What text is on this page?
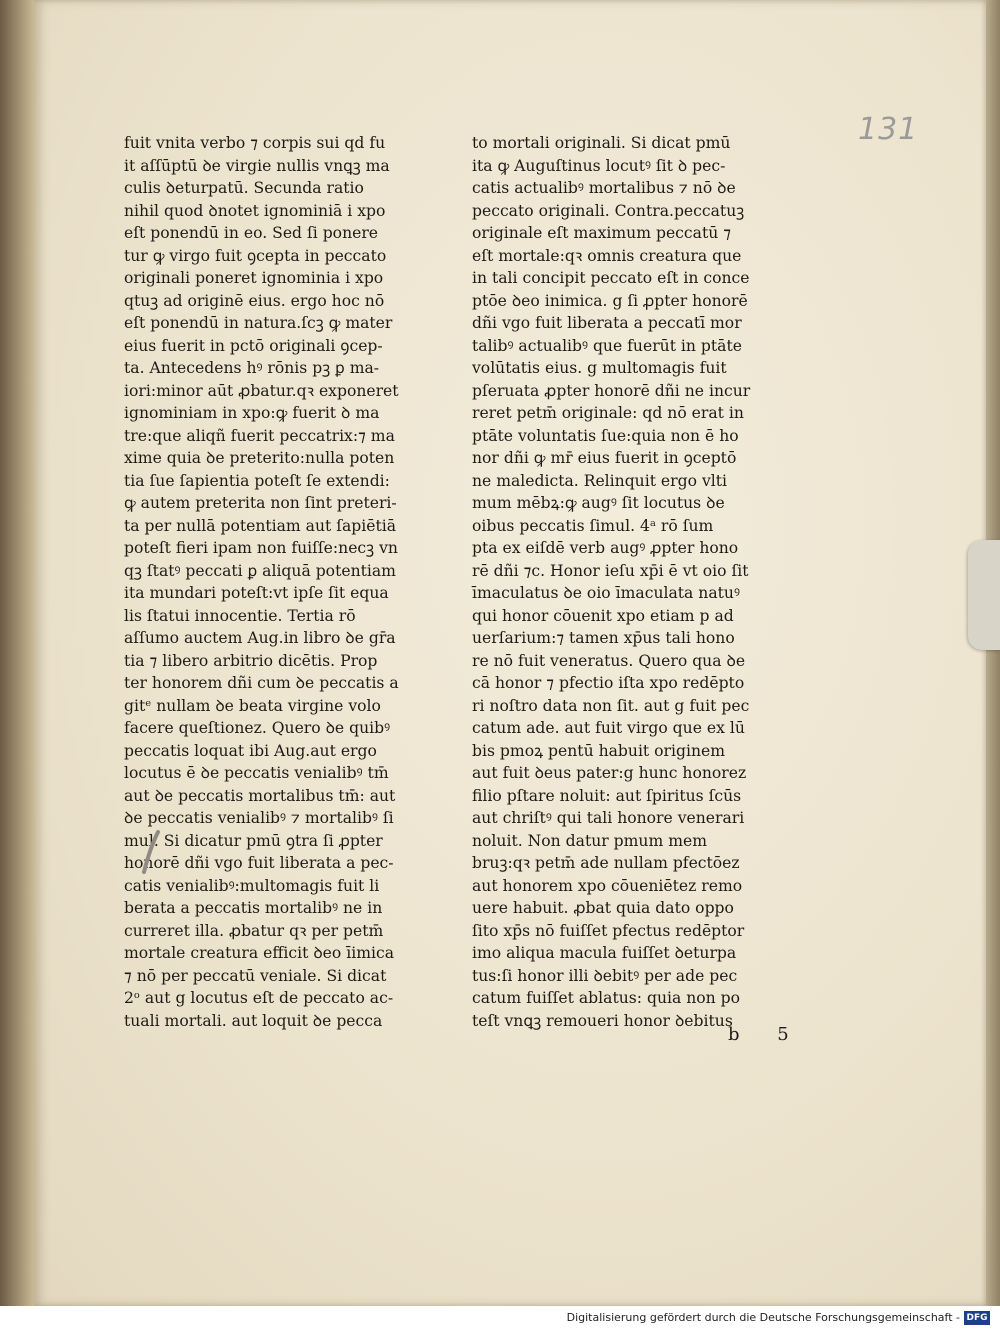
131
fuit vnita verbo ⁊ corpis sui qd fu
it aſſūptū ꝺe virgie nullis vnꝗꝫ ma
culis ꝺeturpatū. Secunda ratio
nihil quod ꝺnotet ignominiā i xpo
eſt ponendū in eo. Sed ſi ponere
tur ꝙ virgo fuit ꝯcepta in peccato
originali poneret ignominia i xpo
qtuꝫ ad originē eius. ergo hoc nō
eſt ponendū in natura.ſcꝫ ꝙ mater
eius fuerit in pctō originali ꝯcep-
ta. Antecedens hꝰ rōnis pꝫ ꝑ ma-
iori:minor aūt ꝓbatur.qꝛ exponeret
ignominiam in xpo:ꝙ fuerit ꝺ ma
tre:que aliqñ fuerit peccatrix:⁊ ma
xime quia ꝺe preterito:nulla poten
tia ſue ſapientia poteſt ſe extendi:
ꝙ autem preterita non ſint preteri-
ta per nullā potentiam aut ſapiētiā
poteſt fieri ipam non fuiſſe:necꝫ vn
qꝫ ſtatꝰ peccati ꝑ aliquā potentiam
ita mundari poteſt:vt ipſe ſit equa
lis ſtatui innocentie. Tertia rō
aſſumo auctem Aug.in libro ꝺe gr̄a
tia ⁊ libero arbitrio dicētis. Prop
ter honorem dñi cum ꝺe peccatis a
gitᵉ nullam ꝺe beata virgine volo
facere queſtionez. Quero ꝺe quibꝰ
peccatis loquat ibi Aug.aut ergo
locutus ē ꝺe peccatis venialibꝰ tm̄
aut ꝺe peccatis mortalibus tm̄: aut
ꝺe peccatis venialibꝰ ⁊ mortalibꝰ ſi
mul. Si dicatur pmū ꝯtra ſi ꝓpter
honorē dñi vgo fuit liberata a pec-
catis venialibꝰ:multomagis fuit li
berata a peccatis mortalibꝰ ne in
curreret illa. ꝓbatur qꝛ per petm̄
mortale creatura efficit ꝺeo īimica
⁊ nō per peccatū veniale. Si dicat
2ᵒ aut g locutus eſt de peccato ac-
tuali mortali. aut loquit ꝺe pecca
to mortali originali. Si dicat pmū
ita ꝙ Auguſtinus locutꝰ ſit ꝺ pec-
catis actualibꝰ mortalibus ⁊ nō ꝺe
peccato originali. Contra.peccatuꝫ
originale eſt maximum peccatū ⁊
eſt mortale:qꝛ omnis creatura que
in tali concipit peccato eſt in conce
ptōe ꝺeo inimica. g ſi ꝓpter honorē
dñi vgo fuit liberata a peccatī mor
talibꝰ actualibꝰ que fuerūt in ptāte
volūtatis eius. g multomagis fuit
pſeruata ꝓpter honorē dñi ne incur
reret petm̄ originale: qd nō erat in
ptāte voluntatis ſue:quia non ē ho
nor dñi ꝙ mr̄ eius fuerit in ꝯceptō
ne maledicta. Relinquit ergo vlti
mum mēbꝝ:ꝙ augꝰ ſit locutus ꝺe
oibus peccatis ſimul. 4ᵃ rō ſum
pta ex eiſdē verb augꝰ ꝓpter hono
rē dñi ⁊c. Honor ieſu xp̄i ē vt oio ſit
īmaculatus ꝺe oio īmaculata natuꝰ
qui honor cōuenit xpo etiam p ad
uerſarium:⁊ tamen xp̄us tali hono
re nō fuit veneratus. Quero qua ꝺe
cā honor ⁊ pfectio iſta xpo redēpto
ri noſtro data non ſit. aut g fuit pec
catum ade. aut fuit virgo que ex lū
bis pmoꝝ pentū habuit originem
aut fuit ꝺeus pater:g hunc honorez
filio pſtare noluit: aut ſpiritus ſcūs
aut chriſtꝰ qui tali honore venerari
noluit. Non datur pmum mem
bruꝫ:qꝛ petm̄ ade nullam pfectōez
aut honorem xpo cōueniētez remo
uere habuit. ꝓbat quia dato oppo
ſito xp̄s nō fuiſſet pfectus redēptor
imo aliqua macula fuiſſet ꝺeturpa
tus:ſi honor illi ꝺebitꝰ per ade pec
catum fuiſſet ablatus: quia non po
teſt vnꝗꝫ remoueri honor ꝺebitus
b 5
Digitalisierung gefördert durch die Deutsche Forschungsgemeinschaft - DFG
